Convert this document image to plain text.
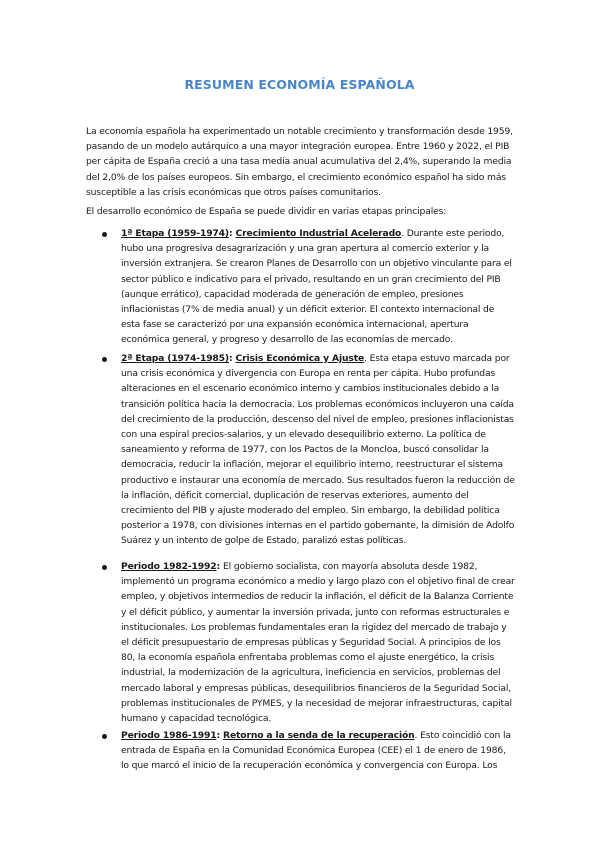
RESUMEN ECONOMÍA ESPAÑOLA
La economía española ha experimentado un notable crecimiento y transformación desde 1959, pasando de un modelo autárquico a una mayor integración europea. Entre 1960 y 2022, el PIB per cápita de España creció a una tasa media anual acumulativa del 2,4%, superando la media del 2,0% de los países europeos. Sin embargo, el crecimiento económico español ha sido más susceptible a las crisis económicas que otros países comunitarios.
El desarrollo económico de España se puede dividir en varias etapas principales:
1ª Etapa (1959-1974): Crecimiento Industrial Acelerado. Durante este periodo, hubo una progresiva desagrarización y una gran apertura al comercio exterior y la inversión extranjera. Se crearon Planes de Desarrollo con un objetivo vinculante para el sector público e indicativo para el privado, resultando en un gran crecimiento del PIB (aunque errático), capacidad moderada de generación de empleo, presiones inflacionistas (7% de media anual) y un déficit exterior. El contexto internacional de esta fase se caracterizó por una expansión económica internacional, apertura económica general, y progreso y desarrollo de las economías de mercado.
2ª Etapa (1974-1985): Crisis Económica y Ajuste. Esta etapa estuvo marcada por una crisis económica y divergencia con Europa en renta per cápita. Hubo profundas alteraciones en el escenario económico interno y cambios institucionales debido a la transición política hacia la democracia. Los problemas económicos incluyeron una caída del crecimiento de la producción, descenso del nivel de empleo, presiones inflacionistas con una espiral precios-salarios, y un elevado desequilibrio externo. La política de saneamiento y reforma de 1977, con los Pactos de la Moncloa, buscó consolidar la democracia, reducir la inflación, mejorar el equilibrio interno, reestructurar el sistema productivo e instaurar una economía de mercado. Sus resultados fueron la reducción de la inflación, déficit comercial, duplicación de reservas exteriores, aumento del crecimiento del PIB y ajuste moderado del empleo. Sin embargo, la debilidad política posterior a 1978, con divisiones internas en el partido gobernante, la dimisión de Adolfo Suárez y un intento de golpe de Estado, paralizó estas políticas.
Periodo 1982-1992: El gobierno socialista, con mayoría absoluta desde 1982, implementó un programa económico a medio y largo plazo con el objetivo final de crear empleo, y objetivos intermedios de reducir la inflación, el déficit de la Balanza Corriente y el déficit público, y aumentar la inversión privada, junto con reformas estructurales e institucionales. Los problemas fundamentales eran la rigidez del mercado de trabajo y el déficit presupuestario de empresas públicas y Seguridad Social. A principios de los 80, la economía española enfrentaba problemas como el ajuste energético, la crisis industrial, la modernización de la agricultura, ineficiencia en servicios, problemas del mercado laboral y empresas públicas, desequilibrios financieros de la Seguridad Social, problemas institucionales de PYMES, y la necesidad de mejorar infraestructuras, capital humano y capacidad tecnológica.
Periodo 1986-1991: Retorno a la senda de la recuperación. Esto coincidió con la entrada de España en la Comunidad Económica Europea (CEE) el 1 de enero de 1986, lo que marcó el inicio de la recuperación económica y convergencia con Europa. Los
